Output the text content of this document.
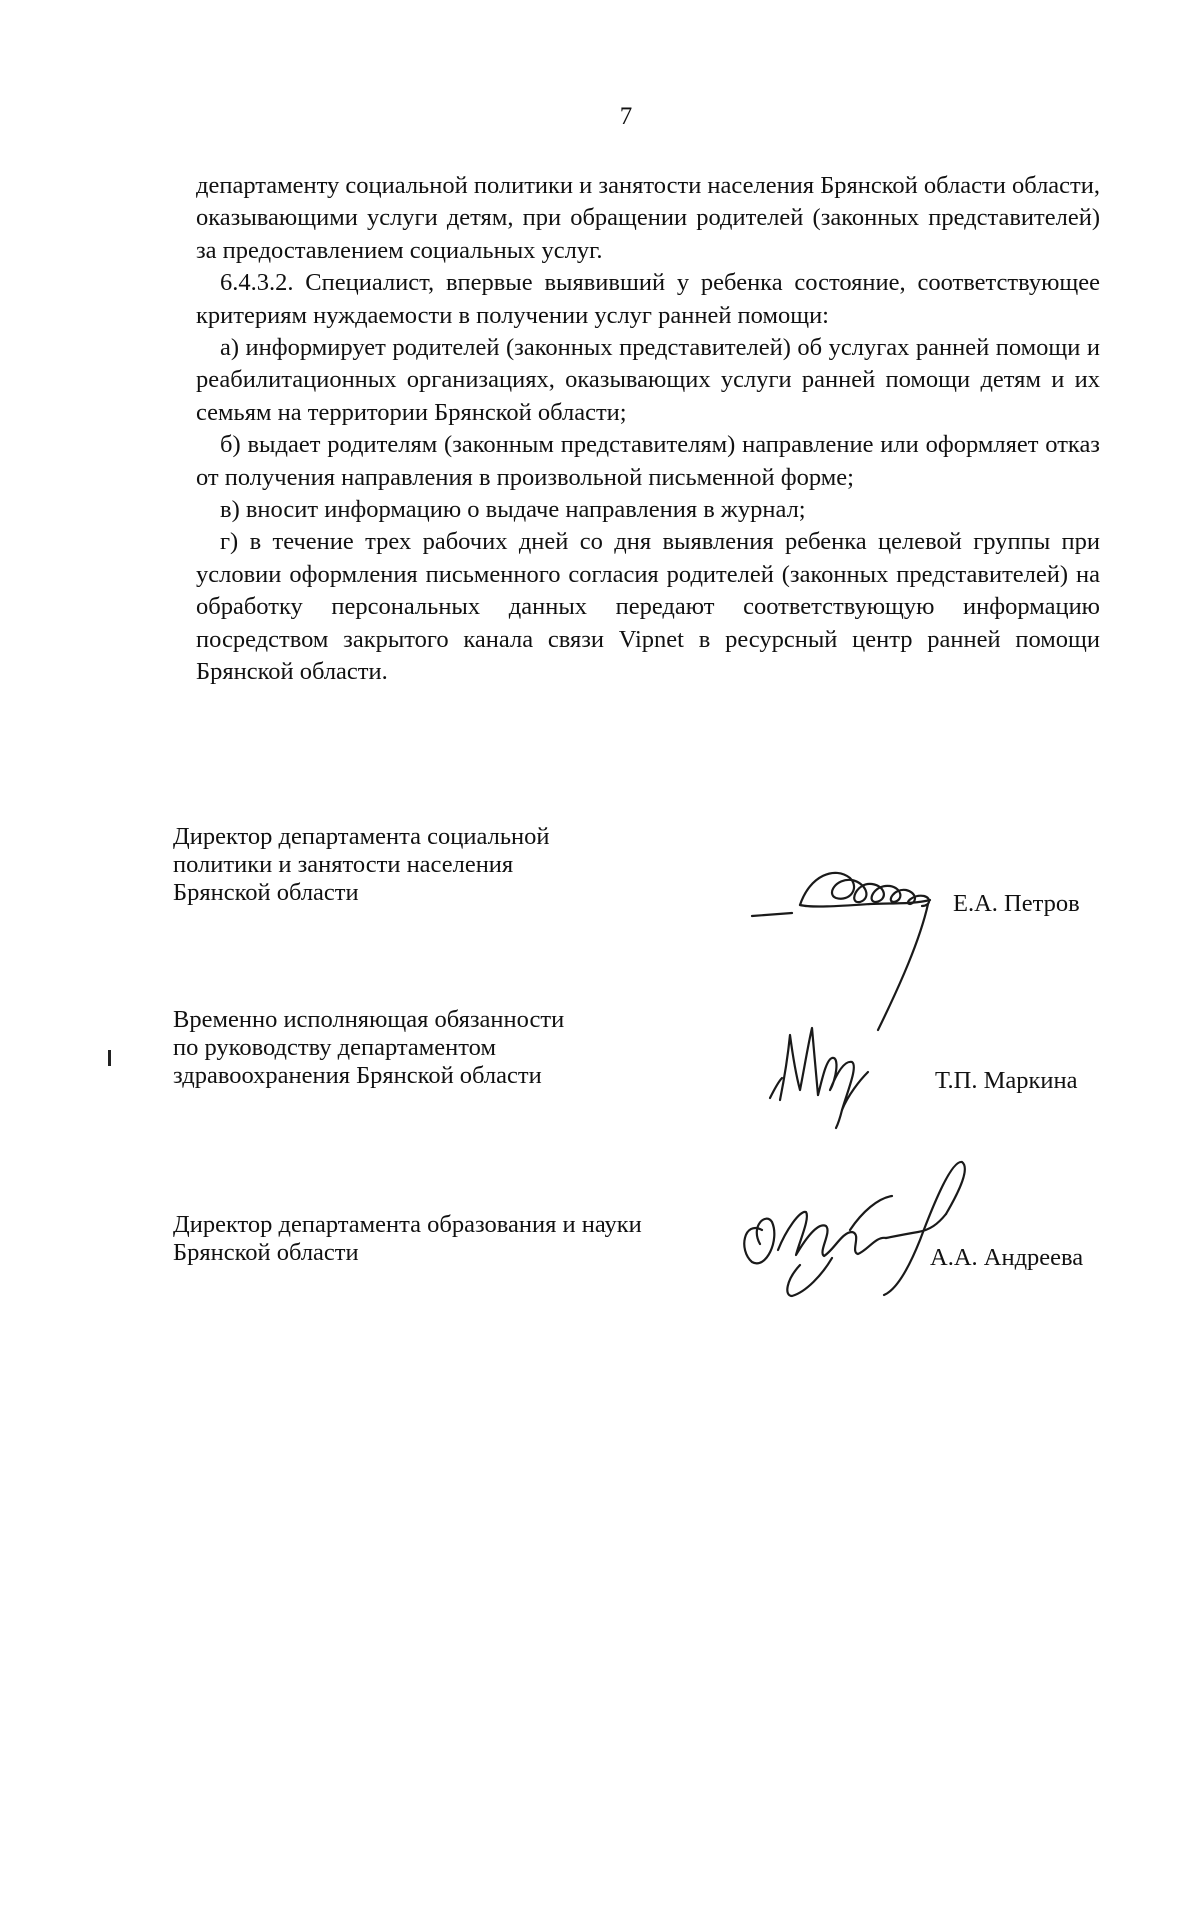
7

департаменту социальной политики и занятости населения Брянской области области, оказывающими услуги детям, при обращении родителей (законных представителей) за предоставлением социальных услуг.

6.4.3.2. Специалист, впервые выявивший у ребенка состояние, соответствующее критериям нуждаемости в получении услуг ранней помощи:

а) информирует родителей (законных представителей) об услугах ранней помощи и реабилитационных организациях, оказывающих услуги ранней помощи детям и их семьям на территории Брянской области;

б) выдает родителям (законным представителям) направление или оформляет отказ от получения направления в произвольной письменной форме;

в) вносит информацию о выдаче направления в журнал;

г) в течение трех рабочих дней со дня выявления ребенка целевой группы при условии оформления письменного согласия родителей (законных представителей) на обработку персональных данных передают соответствующую информацию посредством закрытого канала связи Vipnet в ресурсный центр ранней помощи Брянской области.

Директор департамента социальной
политики и занятости населения
Брянской области	Е.А. Петров
Временно исполняющая обязанности
по руководству департаментом
здравоохранения Брянской области	Т.П. Маркина
Директор департамента образования и науки
Брянской области	А.А. Андреева
